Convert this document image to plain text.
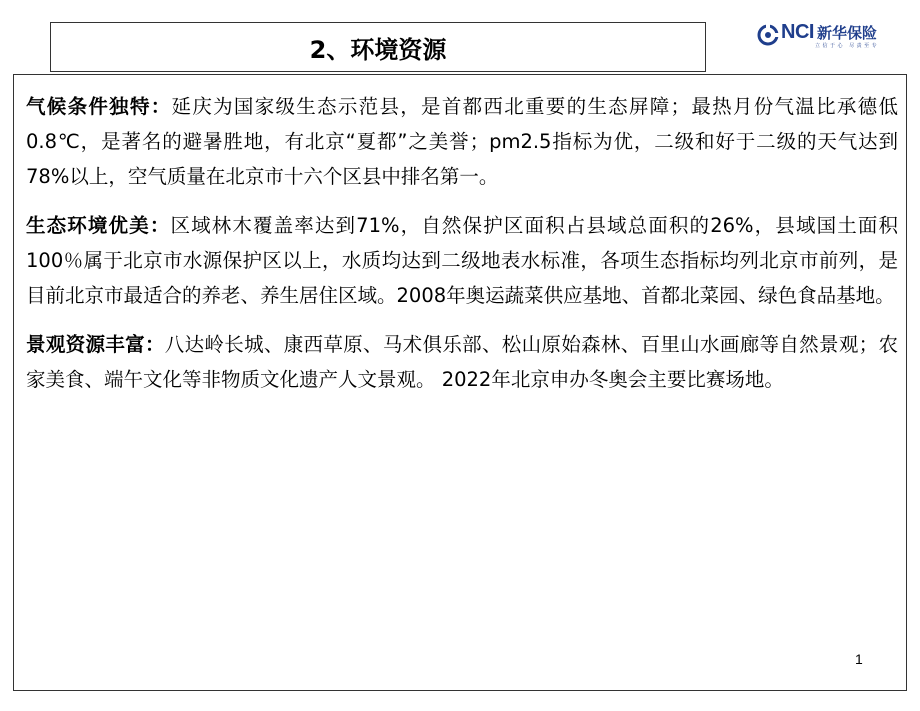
2、环境资源
NCI 新华保险
立信于心 尽责至专

气候条件独特：延庆为国家级生态示范县，是首都西北重要的生态屏障；最热月份气温比承德低0.8℃，是著名的避暑胜地，有北京“夏都”之美誉；pm2.5指标为优，二级和好于二级的天气达到78%以上，空气质量在北京市十六个区县中排名第一。

生态环境优美：区域林木覆盖率达到71%，自然保护区面积占县域总面积的26%，县域国土面积100％属于北京市水源保护区以上，水质均达到二级地表水标准，各项生态指标均列北京市前列，是目前北京市最适合的养老、养生居住区域。2008年奥运蔬菜供应基地、首都北菜园、绿色食品基地。

景观资源丰富：八达岭长城、康西草原、马术俱乐部、松山原始森林、百里山水画廊等自然景观；农家美食、端午文化等非物质文化遗产人文景观。 2022年北京申办冬奥会主要比赛场地。

1
